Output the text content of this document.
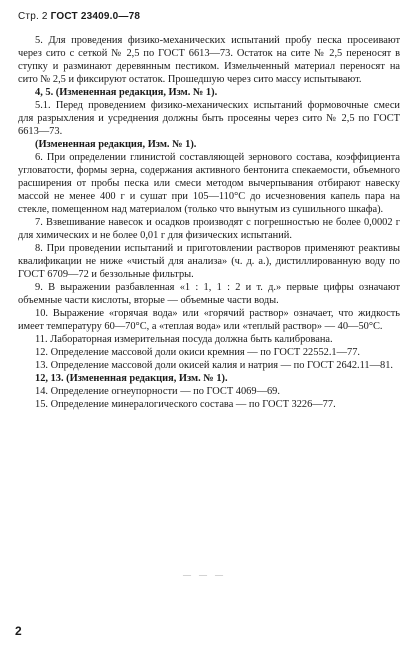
Стр. 2 ГОСТ 23409.0—78

5. Для проведения физико-механических испытаний пробу песка просеивают через сито с сеткой № 2,5 по ГОСТ 6613—73. Остаток на сите № 2,5 переносят в ступку и разминают деревянным пестиком. Измельченный материал переносят на сито № 2,5 и фиксируют остаток. Прошедшую через сито массу испытывают.

4, 5. (Измененная редакция, Изм. № 1).

5.1. Перед проведением физико-механических испытаний формовочные смеси для разрыхления и усреднения должны быть просеяны через сито № 2,5 по ГОСТ 6613—73.

(Измененная редакция, Изм. № 1).

6. При определении глинистой составляющей зернового состава, коэффициента угловатости, формы зерна, содержания активного бентонита спекаемости, объемного расширения от пробы песка или смеси методом вычерпывания отбирают навеску массой не менее 400 г и сушат при 105—110°С до исчезновения капель пара на стекле, помещенном над материалом (только что вынутым из сушильного шкафа).

7. Взвешивание навесок и осадков производят с погрешностью не более 0,0002 г для химических и не более 0,01 г для физических испытаний.

8. При проведении испытаний и приготовлении растворов применяют реактивы квалификации не ниже «чистый для анализа» (ч. д. а.), дистиллированную воду по ГОСТ 6709—72 и беззольные фильтры.

9. В выражении разбавленная «1 : 1, 1 : 2 и т. д.» первые цифры означают объемные части кислоты, вторые — объемные части воды.

10. Выражение «горячая вода» или «горячий раствор» означает, что жидкость имеет температуру 60—70°С, а «теплая вода» или «теплый раствор» — 40—50°С.

11. Лабораторная измерительная посуда должна быть калибрована.

12. Определение массовой доли окиси кремния — по ГОСТ 22552.1—77.

13. Определение массовой доли окисей калия и натрия — по ГОСТ 2642.11—81.

12, 13. (Измененная редакция, Изм. № 1).

14. Определение огнеупорности — по ГОСТ 4069—69.

15. Определение минералогического состава — по ГОСТ 3226—77.

— — —
2
